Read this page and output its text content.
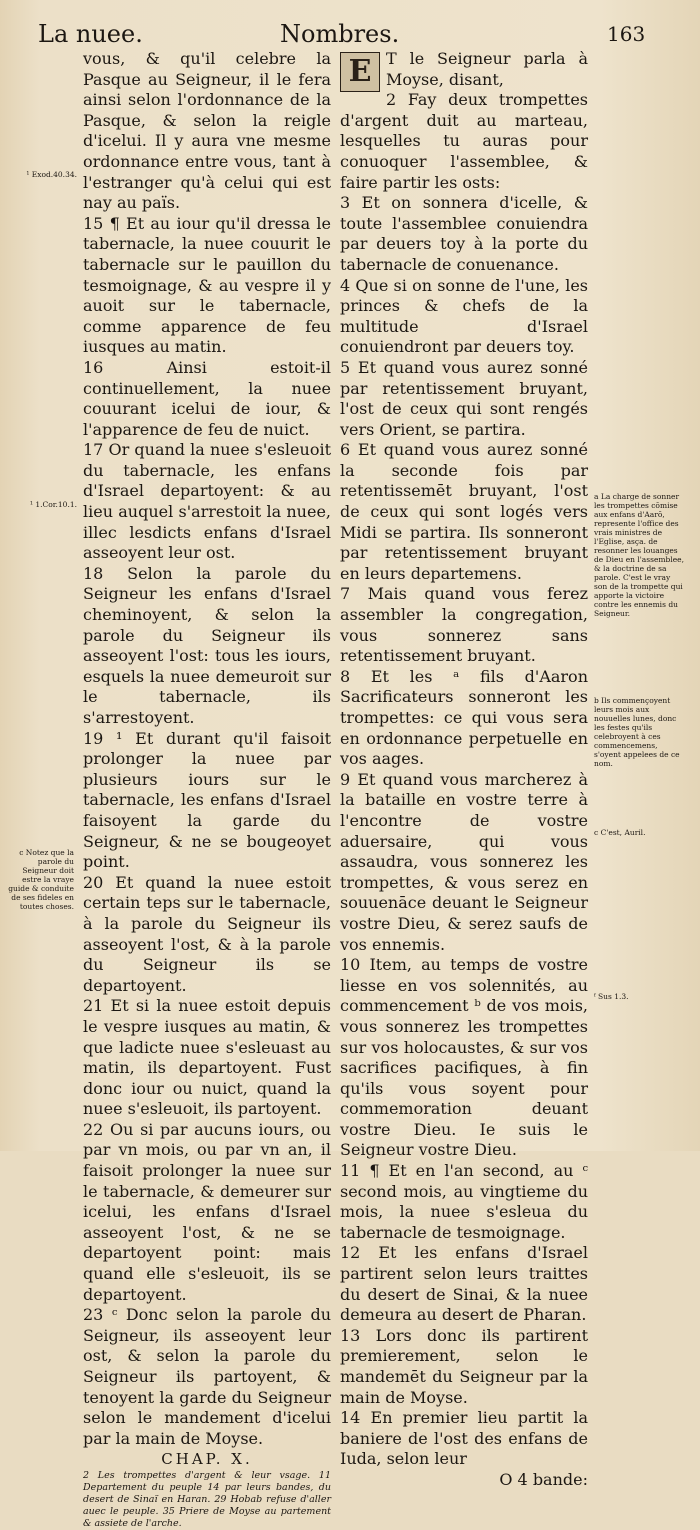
La nuee.	Nombres.	163

vous, & qu'il celebre la Pasque au Seigneur, il le fera ainsi selon l'ordonnance de la Pasque, & selon la reigle d'icelui. Il y aura vne mesme ordonnance entre vous, tant à l'estranger qu'à celui qui est nay au païs.

15 ¶ Et au iour qu'il dressa le tabernacle, la nuee couurit le tabernacle sur le pauillon du tesmoignage, & au vespre il y auoit sur le tabernacle, comme apparence de feu iusques au matin.

16 Ainsi estoit-il continuellement, la nuee couurant icelui de iour, & l'apparence de feu de nuict.

17 Or quand la nuee s'esleuoit du tabernacle, les enfans d'Israel departoyent: & au lieu auquel s'arrestoit la nuee, illec lesdicts enfans d'Israel asseoyent leur ost.

18 Selon la parole du Seigneur les enfans d'Israel cheminoyent, & selon la parole du Seigneur ils asseoyent l'ost: tous les iours, esquels la nuee demeuroit sur le tabernacle, ils s'arrestoyent.

19 ¹ Et durant qu'il faisoit prolonger la nuee par plusieurs iours sur le tabernacle, les enfans d'Israel faisoyent la garde du Seigneur, & ne se bougeoyet point.

20 Et quand la nuee estoit certain teps sur le tabernacle, à la parole du Seigneur ils asseoyent l'ost, & à la parole du Seigneur ils se departoyent.

21 Et si la nuee estoit depuis le vespre iusques au matin, & que ladicte nuee s'esleuast au matin, ils departoyent. Fust donc iour ou nuict, quand la nuee s'esleuoit, ils partoyent.

22 Ou si par aucuns iours, ou par vn mois, ou par vn an, il faisoit prolonger la nuee sur le tabernacle, & demeurer sur icelui, les enfans d'Israel asseoyent l'ost, & ne se departoyent point: mais quand elle s'esleuoit, ils se departoyent.

23 ᶜ Donc selon la parole du Seigneur, ils asseoyent leur ost, & selon la parole du Seigneur ils partoyent, & tenoyent la garde du Seigneur selon le mandement d'icelui par la main de Moyse.

CHAP. X.

2 Les trompettes d'argent & leur vsage. 11 Departement du peuple 14 par leurs bandes, du desert de Sinaï en Haran. 29 Hobab refuse d'aller auec le peuple. 35 Priere de Moyse au partement & assiete de l'arche.

E T le Seigneur parla à Moyse, disant,

2 Fay deux trompettes d'argent duit au marteau, lesquelles tu auras pour conuoquer l'assemblee, & faire partir les osts:

3 Et on sonnera d'icelle, & toute l'assemblee conuiendra par deuers toy à la porte du tabernacle de conuenance.

4 Que si on sonne de l'une, les princes & chefs de la multitude d'Israel conuiendront par deuers toy.

5 Et quand vous aurez sonné par retentissement bruyant, l'ost de ceux qui sont rengés vers Orient, se partira.

6 Et quand vous aurez sonné la seconde fois par retentissemēt bruyant, l'ost de ceux qui sont logés vers Midi se partira. Ils sonneront par retentissement bruyant en leurs departemens.

7 Mais quand vous ferez assembler la congregation, vous sonnerez sans retentissement bruyant.

8 Et les ᵃ fils d'Aaron Sacrificateurs sonneront les trompettes: ce qui vous sera en ordonnance perpetuelle en vos aages.

9 Et quand vous marcherez à la bataille en vostre terre à l'encontre de vostre aduersaire, qui vous assaudra, vous sonnerez les trompettes, & vous serez en souuenāce deuant le Seigneur vostre Dieu, & serez saufs de vos ennemis.

10 Item, au temps de vostre liesse en vos solennités, au commencement ᵇ de vos mois, vous sonnerez les trompettes sur vos holocaustes, & sur vos sacrifices pacifiques, à fin qu'ils vous soyent pour commemoration deuant vostre Dieu. Ie suis le Seigneur vostre Dieu.

11 ¶ Et en l'an second, au ᶜ second mois, au vingtieme du mois, la nuee s'esleua du tabernacle de tesmoignage.

12 Et les enfans d'Israel partirent selon leurs traittes du desert de Sinai, & la nuee demeura au desert de Pharan.

13 Lors donc ils partirent premierement, selon le mandemēt du Seigneur par la main de Moyse.

14 En premier lieu partit la baniere de l'ost des enfans de Iuda, selon leur

O 4 bande:

¹ Exod.40.34.
¹ 1.Cor.10.1.
c Notez que la parole du Seigneur doit estre la vraye guide & conduite de ses fideles en toutes choses.
a La charge de sonner les trompettes cōmise aux enfans d'Aarō, represente l'office des vrais ministres de l'Eglise, asça. de resonner les louanges de Dieu en l'assemblee, & la doctrine de sa parole. C'est le vray son de la trompette qui apporte la victoire contre les ennemis du Seigneur.
b Ils commençoyent leurs mois aux nouuelles lunes, donc les festes qu'ils celebroyent à ces commencemens, s'oyent appelees de ce nom.
c C'est, Auril.
ᶠ Sus 1.3.
